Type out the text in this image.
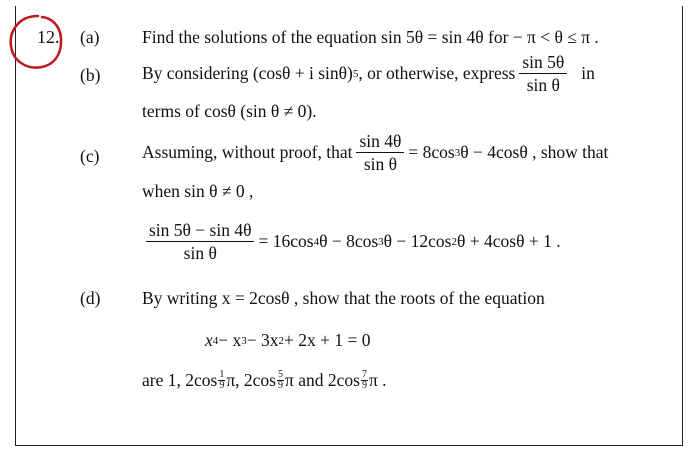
12. (a) Find the solutions of the equation sin 5θ = sin 4θ for − π < θ ≤ π .
(b) By considering (cosθ + i sinθ) 5 , or otherwise, express $\frac{\sin 5\theta}{\text{sin θ}}$ in
terms of cosθ (sin θ ≠ 0).
(c) Assuming, without proof, that $\frac{\sin 4\theta}{\text{sin θ}} = 8\cos$ 3 θ − 4cosθ , show that
when sin θ ≠ 0 ,
$\frac{\sin 5\theta - \sin 4\theta}{\text{sin θ}} = 16\cos$ 4 θ − 8cos 3 θ − 12cos 2 θ + 4cosθ + 1 .
(d) By writing x = 2cosθ , show that the roots of the equation
x 4 − x 3 − 3x 2 + 2x + 1 = 0
are 1, $2\cos \frac{1}{9} \pi$, $2\cos \frac{5}{9}$ π and $2\cos \frac{7}{9}$ π .
